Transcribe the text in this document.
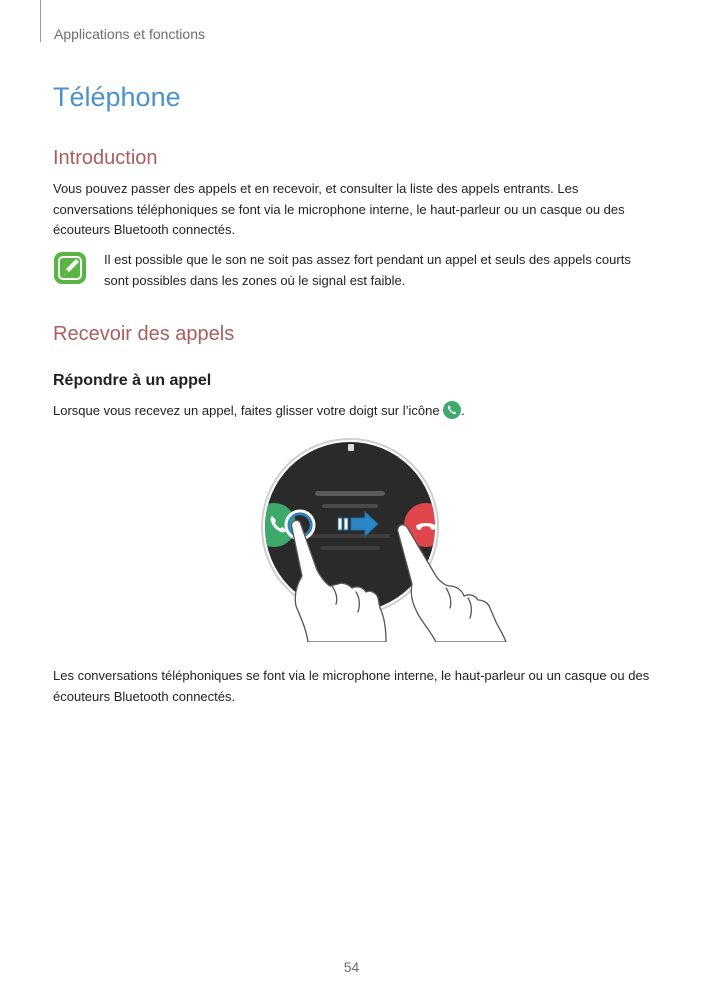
Applications et fonctions
Téléphone
Introduction

Vous pouvez passer des appels et en recevoir, et consulter la liste des appels entrants. Les conversations téléphoniques se font via le microphone interne, le haut-parleur ou un casque ou des écouteurs Bluetooth connectés.

Il est possible que le son ne soit pas assez fort pendant un appel et seuls des appels courts sont possibles dans les zones où le signal est faible.

Recevoir des appels
Répondre à un appel

Lorsque vous recevez un appel, faites glisser votre doigt sur l’icône .

Les conversations téléphoniques se font via le microphone interne, le haut-parleur ou un casque ou des écouteurs Bluetooth connectés.

54
